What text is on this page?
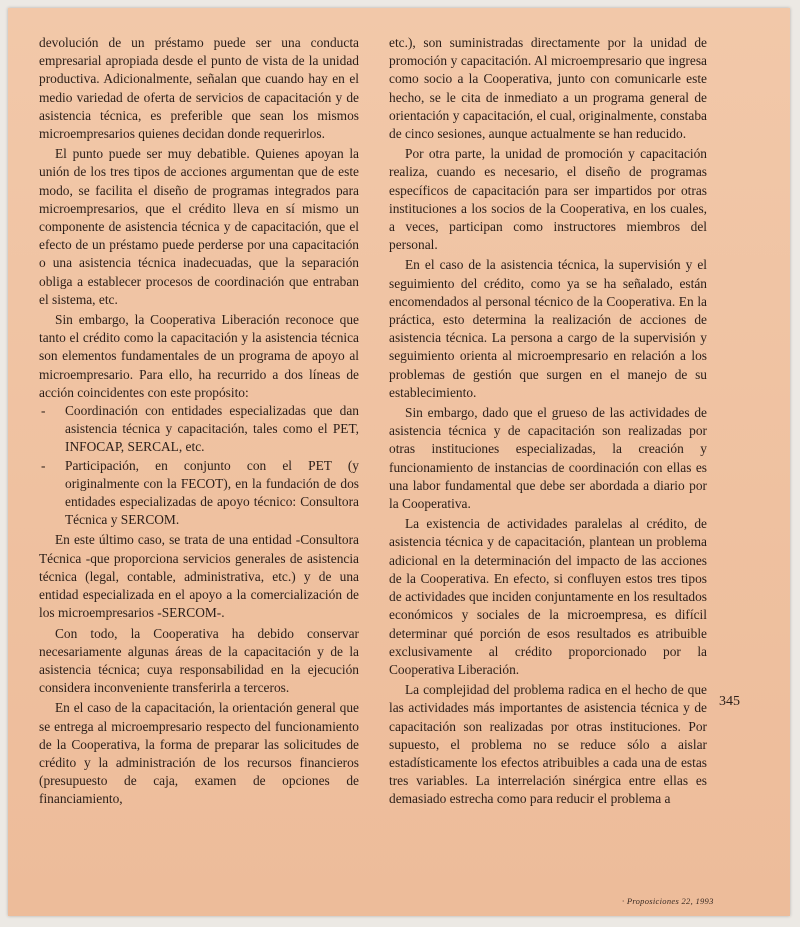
devolución de un préstamo puede ser una conducta empresarial apropiada desde el punto de vista de la unidad productiva. Adicionalmente, señalan que cuando hay en el medio variedad de oferta de servicios de capacitación y de asistencia técnica, es preferible que sean los mismos microempresarios quienes decidan donde requerirlos.

El punto puede ser muy debatible. Quienes apoyan la unión de los tres tipos de acciones argumentan que de este modo, se facilita el diseño de programas integrados para microempresarios, que el crédito lleva en sí mismo un componente de asistencia técnica y de capacitación, que el efecto de un préstamo puede perderse por una capacitación o una asistencia técnica inadecuadas, que la separación obliga a establecer procesos de coordinación que entraban el sistema, etc.

Sin embargo, la Cooperativa Liberación reconoce que tanto el crédito como la capacitación y la asistencia técnica son elementos fundamentales de un programa de apoyo al microempresario. Para ello, ha recurrido a dos líneas de acción coincidentes con este propósito:

- Coordinación con entidades especializadas que dan asistencia técnica y capacitación, tales como el PET, INFOCAP, SERCAL, etc.
- Participación, en conjunto con el PET (y originalmente con la FECOT), en la fundación de dos entidades especializadas de apoyo técnico: Consultora Técnica y SERCOM.

En este último caso, se trata de una entidad -Consultora Técnica -que proporciona servicios generales de asistencia técnica (legal, contable, administrativa, etc.) y de una entidad especializada en el apoyo a la comercialización de los microempresarios -SERCOM-.

Con todo, la Cooperativa ha debido conservar necesariamente algunas áreas de la capacitación y de la asistencia técnica; cuya responsabilidad en la ejecución considera inconveniente transferirla a terceros.

En el caso de la capacitación, la orientación general que se entrega al microempresario respecto del funcionamiento de la Cooperativa, la forma de preparar las solicitudes de crédito y la administración de los recursos financieros (presupuesto de caja, examen de opciones de financiamiento,

etc.), son suministradas directamente por la unidad de promoción y capacitación. Al microempresario que ingresa como socio a la Cooperativa, junto con comunicarle este hecho, se le cita de inmediato a un programa general de orientación y capacitación, el cual, originalmente, constaba de cinco sesiones, aunque actualmente se han reducido.

Por otra parte, la unidad de promoción y capacitación realiza, cuando es necesario, el diseño de programas específicos de capacitación para ser impartidos por otras instituciones a los socios de la Cooperativa, en los cuales, a veces, participan como instructores miembros del personal.

En el caso de la asistencia técnica, la supervisión y el seguimiento del crédito, como ya se ha señalado, están encomendados al personal técnico de la Cooperativa. En la práctica, esto determina la realización de acciones de asistencia técnica. La persona a cargo de la supervisión y seguimiento orienta al microempresario en relación a los problemas de gestión que surgen en el manejo de su establecimiento.

Sin embargo, dado que el grueso de las actividades de asistencia técnica y de capacitación son realizadas por otras instituciones especializadas, la creación y funcionamiento de instancias de coordinación con ellas es una labor fundamental que debe ser abordada a diario por la Cooperativa.

La existencia de actividades paralelas al crédito, de asistencia técnica y de capacitación, plantean un problema adicional en la determinación del impacto de las acciones de la Cooperativa. En efecto, si confluyen estos tres tipos de actividades que inciden conjuntamente en los resultados económicos y sociales de la microempresa, es difícil determinar qué porción de esos resultados es atribuible exclusivamente al crédito proporcionado por la Cooperativa Liberación.

La complejidad del problema radica en el hecho de que las actividades más importantes de asistencia técnica y de capacitación son realizadas por otras instituciones. Por supuesto, el problema no se reduce sólo a aislar estadísticamente los efectos atribuibles a cada una de estas tres variables. La interrelación sinérgica entre ellas es demasiado estrecha como para reducir el problema a

345
· Proposiciones 22, 1993
